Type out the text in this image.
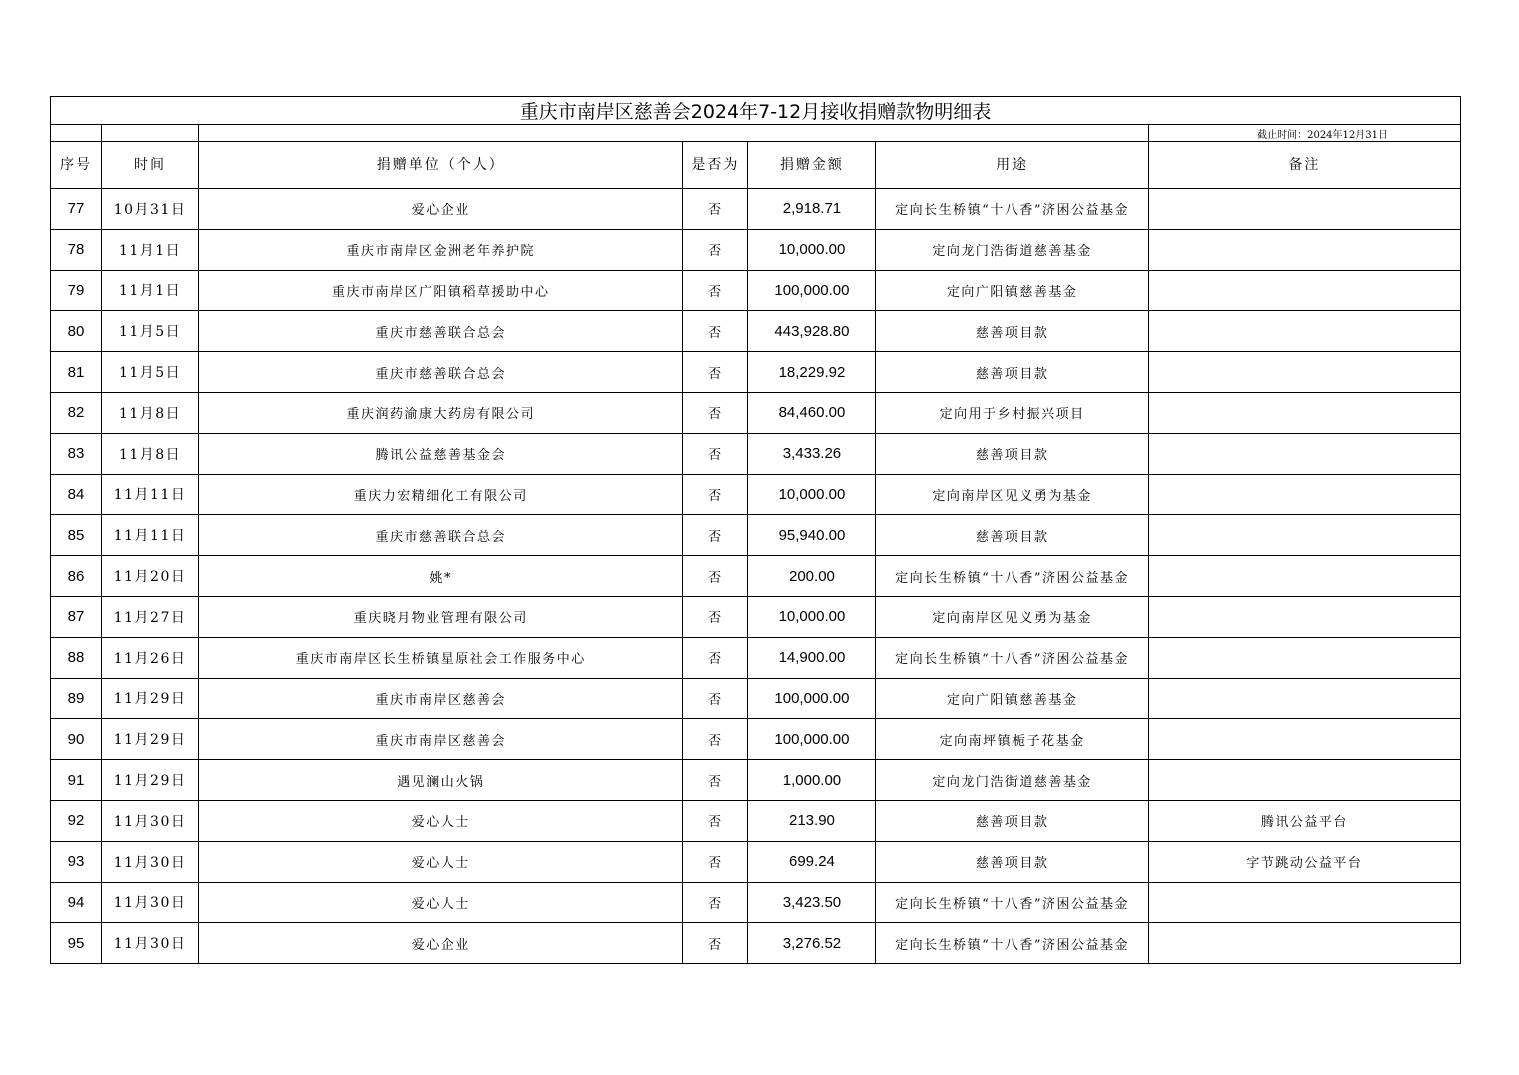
重庆市南岸区慈善会2024年7-12月接收捐赠款物明细表						
						截止时间：2024年12月31日
序号	时间	捐赠单位（个人）	是否为	捐赠金额	用途	备注
77	10月31日	爱心企业	否	2,918.71	定向长生桥镇“十八香”济困公益基金	
78	11月1日	重庆市南岸区金洲老年养护院	否	10,000.00	定向龙门浩街道慈善基金	
79	11月1日	重庆市南岸区广阳镇稻草援助中心	否	100,000.00	定向广阳镇慈善基金	
80	11月5日	重庆市慈善联合总会	否	443,928.80	慈善项目款	
81	11月5日	重庆市慈善联合总会	否	18,229.92	慈善项目款	
82	11月8日	重庆润药渝康大药房有限公司	否	84,460.00	定向用于乡村振兴项目	
83	11月8日	腾讯公益慈善基金会	否	3,433.26	慈善项目款	
84	11月11日	重庆力宏精细化工有限公司	否	10,000.00	定向南岸区见义勇为基金	
85	11月11日	重庆市慈善联合总会	否	95,940.00	慈善项目款	
86	11月20日	姚*	否	200.00	定向长生桥镇“十八香”济困公益基金	
87	11月27日	重庆晓月物业管理有限公司	否	10,000.00	定向南岸区见义勇为基金	
88	11月26日	重庆市南岸区长生桥镇星原社会工作服务中心	否	14,900.00	定向长生桥镇“十八香”济困公益基金	
89	11月29日	重庆市南岸区慈善会	否	100,000.00	定向广阳镇慈善基金	
90	11月29日	重庆市南岸区慈善会	否	100,000.00	定向南坪镇栀子花基金	
91	11月29日	遇见澜山火锅	否	1,000.00	定向龙门浩街道慈善基金	
92	11月30日	爱心人士	否	213.90	慈善项目款	腾讯公益平台
93	11月30日	爱心人士	否	699.24	慈善项目款	字节跳动公益平台
94	11月30日	爱心人士	否	3,423.50	定向长生桥镇“十八香”济困公益基金	
95	11月30日	爱心企业	否	3,276.52	定向长生桥镇“十八香”济困公益基金	
